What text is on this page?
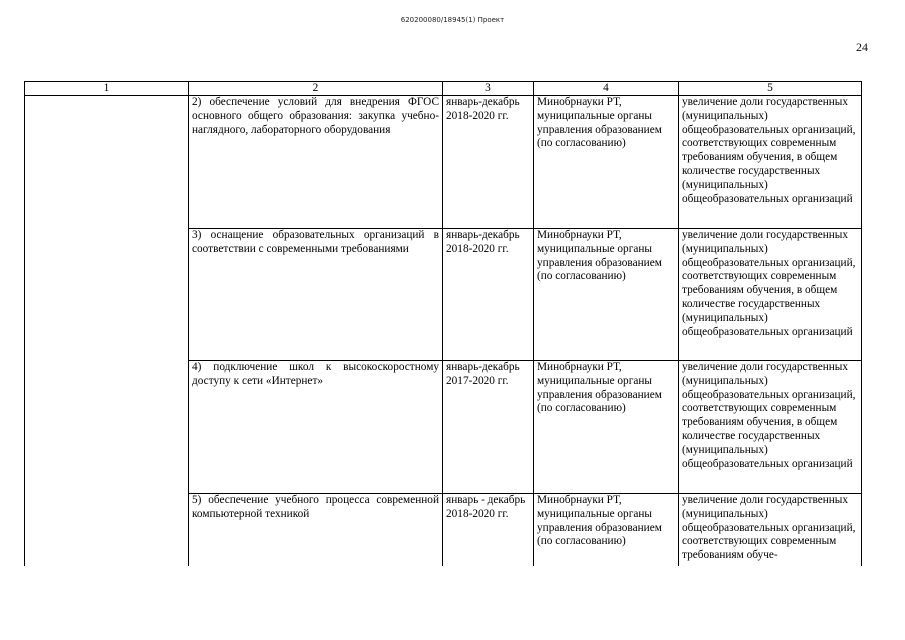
620200080/18945(1) Проект
24
1	2	3	4	5
	2) обеспечение условий для внедрения ФГОС основного общего образования: закупка учебно-наглядного, лабораторного оборудования	январь-декабрь 2018-2020 гг.	Минобрнауки РТ, муниципальные органы управления образованием (по согласованию)	увеличение доли государственных (муниципальных) общеобразовательных организаций, соответствующих современным требованиям обучения, в общем количестве государственных (муниципальных) общеобразовательных организаций
	3) оснащение образовательных организаций в соответствии с современными требованиями	январь-декабрь 2018-2020 гг.	Минобрнауки РТ, муниципальные органы управления образованием (по согласованию)	увеличение доли государственных (муниципальных) общеобразовательных организаций, соответствующих современным требованиям обучения, в общем количестве государственных (муниципальных) общеобразовательных организаций
	4) подключение школ к высокоскоростному доступу к сети «Интернет»	январь-декабрь 2017-2020 гг.	Минобрнауки РТ, муниципальные органы управления образованием (по согласованию)	увеличение доли государственных (муниципальных) общеобразовательных организаций, соответствующих современным требованиям обучения, в общем количестве государственных (муниципальных) общеобразовательных организаций
	5) обеспечение учебного процесса современной компьютерной техникой	январь - декабрь 2018-2020 гг.	Минобрнауки РТ, муниципальные органы управления образованием (по согласованию)	увеличение доли государственных (муниципальных) общеобразовательных организаций, соответствующих современным требованиям обуче-
